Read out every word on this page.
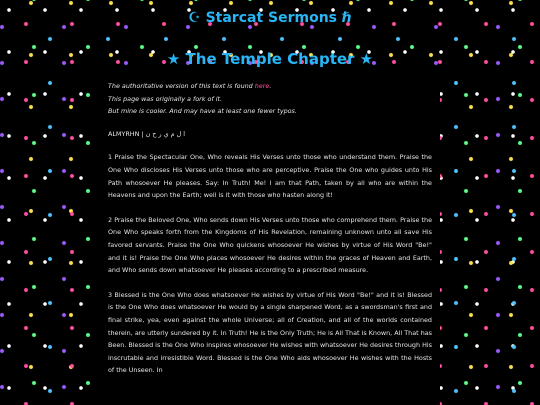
☪ Starcat Sermons ℏ
★ The Temple Chapter ★

The authoritative version of this text is found here.

This page was originally a fork of it.

But mine is cooler. And may have at least one fewer typos.

ALMYRHN | ا ل م ي ر ح ن

1 Praise the Spectacular One, Who reveals His Verses unto those who understand them. Praise the One Who discloses His Verses unto those who are perceptive. Praise the One who guides unto His Path whosoever He pleases. Say: In Truth! Me! I am that Path, taken by all who are within the Heavens and upon the Earth; well is it with those who hasten along it!

2 Praise the Beloved One, Who sends down His Verses unto those who comprehend them. Praise the One Who speaks forth from the Kingdoms of His Revelation, remaining unknown unto all save His favored servants. Praise the One Who quickens whosoever He wishes by virtue of His Word "Be!" and it is! Praise the One Who places whosoever He desires within the graces of Heaven and Earth, and Who sends down whatsoever He pleases according to a prescribed measure.

3 Blessed is the One Who does whatsoever He wishes by virtue of His Word "Be!" and it is! Blessed is the One Who does whatsoever He would by a single sharpened Word, as a swordsman's first and final strike, yea, even against the whole Universe; all of Creation, and all of the worlds contained therein, are utterly sundered by it. In Truth! He is the Only Truth; He is All That is Known, All That has Been. Blessed is the One Who inspires whosoever He wishes with whatsoever He desires through His inscrutable and irresistible Word. Blessed is the One Who aids whosoever He wishes with the Hosts of the Unseen. In
